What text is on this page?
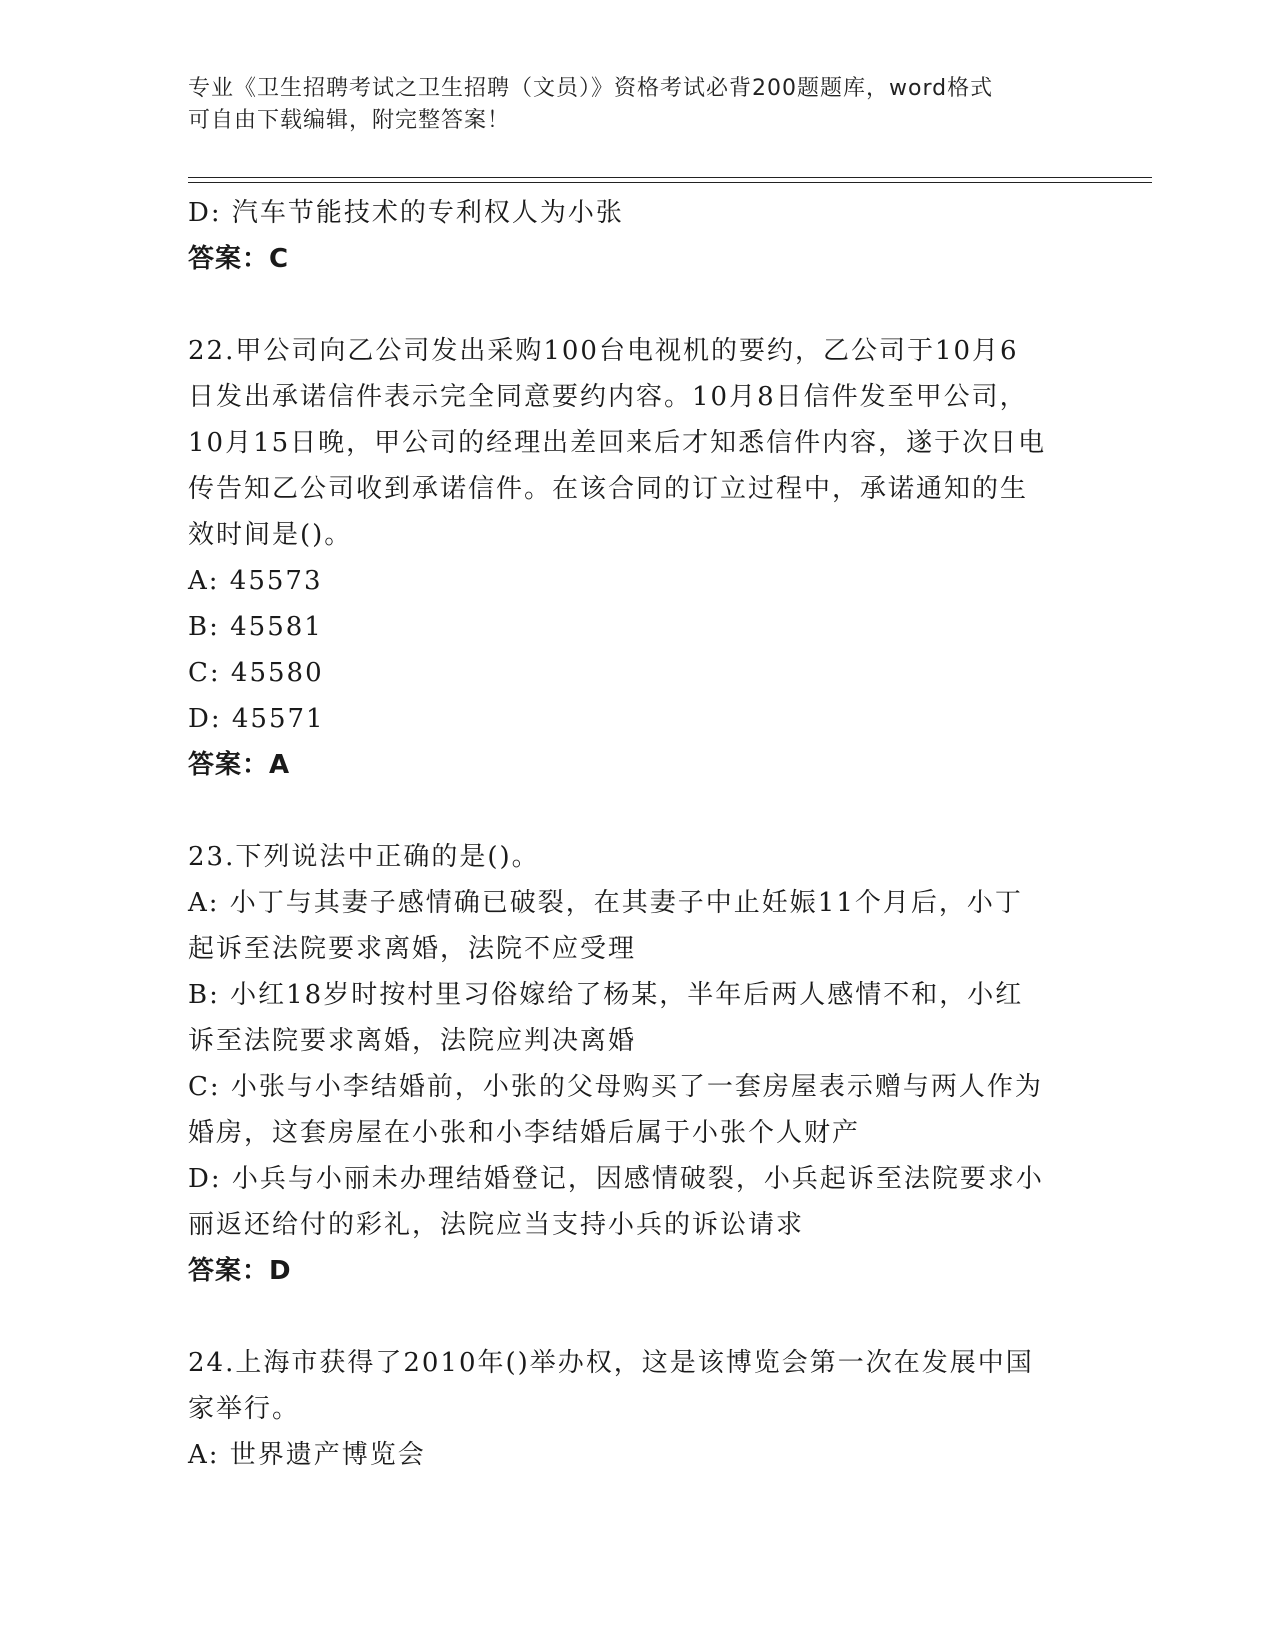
专业《卫生招聘考试之卫生招聘（文员）》资格考试必背200题题库，word格式
可自由下载编辑，附完整答案！
D: 汽车节能技术的专利权人为小张
答案：C
22.甲公司向乙公司发出采购100台电视机的要约，乙公司于10月6
日发出承诺信件表示完全同意要约内容。10月8日信件发至甲公司，
10月15日晚，甲公司的经理出差回来后才知悉信件内容，遂于次日电
传告知乙公司收到承诺信件。在该合同的订立过程中，承诺通知的生
效时间是()。
A: 45573
B: 45581
C: 45580
D: 45571
答案：A
23.下列说法中正确的是()。
A: 小丁与其妻子感情确已破裂，在其妻子中止妊娠11个月后，小丁
起诉至法院要求离婚，法院不应受理
B: 小红18岁时按村里习俗嫁给了杨某，半年后两人感情不和，小红
诉至法院要求离婚，法院应判决离婚
C: 小张与小李结婚前，小张的父母购买了一套房屋表示赠与两人作为
婚房，这套房屋在小张和小李结婚后属于小张个人财产
D: 小兵与小丽未办理结婚登记，因感情破裂，小兵起诉至法院要求小
丽返还给付的彩礼，法院应当支持小兵的诉讼请求
答案：D
24.上海市获得了2010年()举办权，这是该博览会第一次在发展中国
家举行。
A: 世界遗产博览会
